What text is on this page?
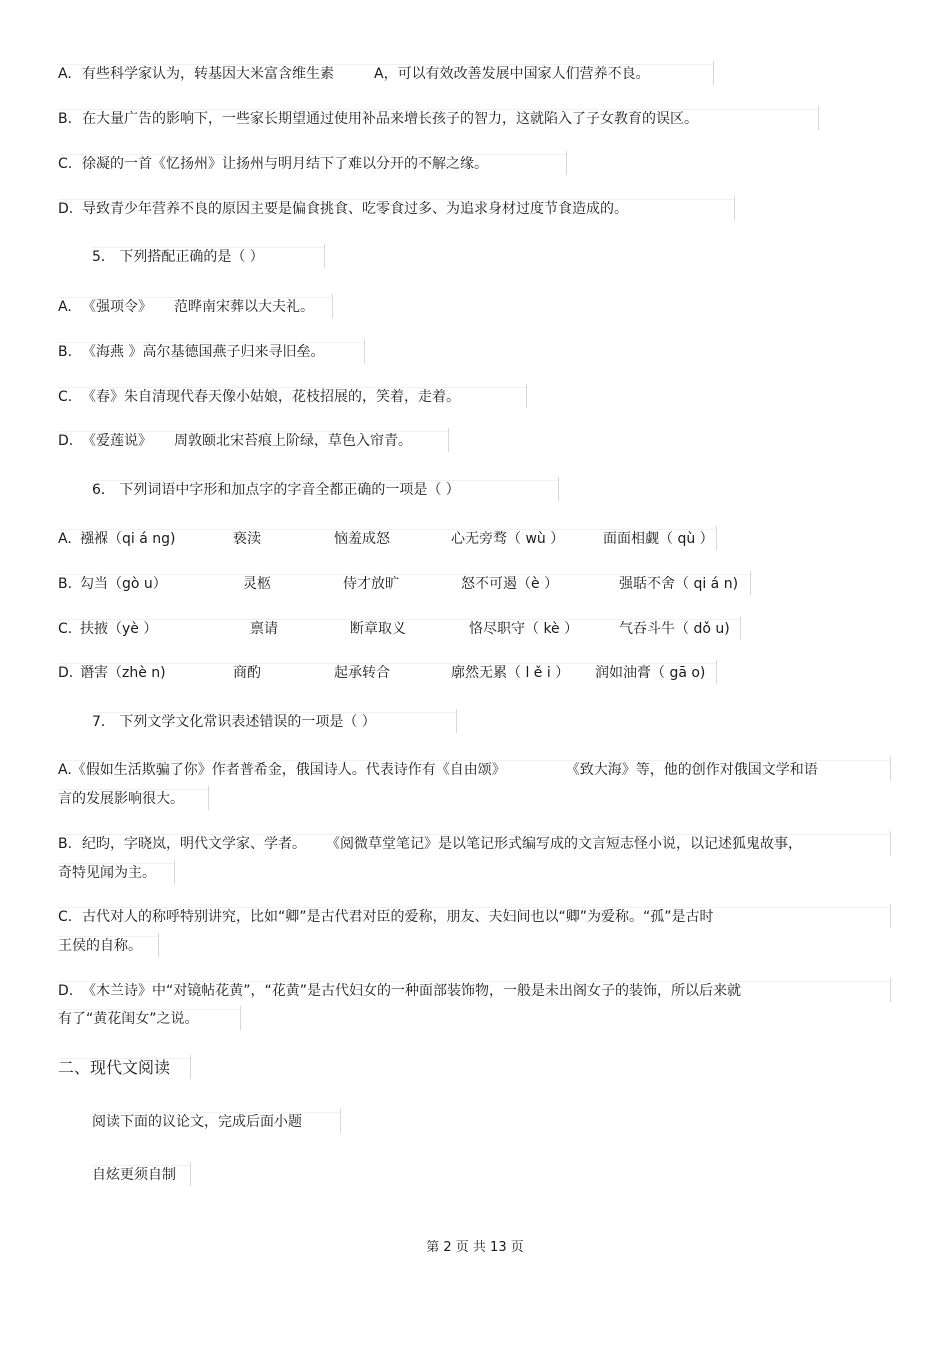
A. 有些科学家认为，转基因大米富含维生素	A，可以有效改善发展中国家人们营养不良。
B. 在大量广告的影响下，一些家长期望通过使用补品来增长孩子的智力，这就陷入了子女教育的误区。
C. 徐凝的一首《忆扬州》让扬州与明月结下了难以分开的不解之缘。
D. 导致青少年营养不良的原因主要是偏食挑食、吃零食过多、为追求身材过度节食造成的。
5． 下列搭配正确的是（ ）
A. 《强项令》 范晔南宋葬以大夫礼。
B. 《海燕 》高尔基德国燕子归来寻旧垒。
C. 《春》朱自清现代春天像小姑娘，花枝招展的，笑着，走着。
D. 《爱莲说》 周敦颐北宋苔痕上阶绿，草色入帘青。
6． 下列词语中字形和加点字的字音全都正确的一项是（ ）
A. 襁褓（qi á ng)	亵渎	恼羞成怒	心无旁骛（ wù ）	面面相觑（ qù ）
B. 勾当（gò u）	灵柩	侍才放旷	怒不可遏（è ）	强聒不舍（ qi á n)
C. 扶掖（yè ）	禀请	断章取义	恪尽职守（ kè ）	气吞斗牛（ dǒ u)
D. 谮害（zhè n)	商酌	起承转合	廓然无累（ l ě i ） 润如油膏（ gā o)
7． 下列文学文化常识表述错误的一项是（ ）
A.《假如生活欺骗了你》作者普希金，俄国诗人。代表诗作有《自由颂》	《致大海》等，他的创作对俄国文学和语
言的发展影响很大。
B. 纪昀，字晓岚，明代文学家、学者。 《阅微草堂笔记》是以笔记形式编写成的文言短志怪小说，以记述狐鬼故事，
奇特见闻为主。
C. 古代对人的称呼特别讲究，比如“卿”是古代君对臣的爱称，朋友、夫妇间也以“卿”为爱称。“孤”是古时
王侯的自称。
D. 《木兰诗》中“对镜帖花黄”，“花黄”是古代妇女的一种面部装饰物，一般是未出阁女子的装饰，所以后来就
有了“黄花闺女”之说。
二、现代文阅读
阅读下面的议论文，完成后面小题
自炫更须自制
第 2 页 共 13 页
